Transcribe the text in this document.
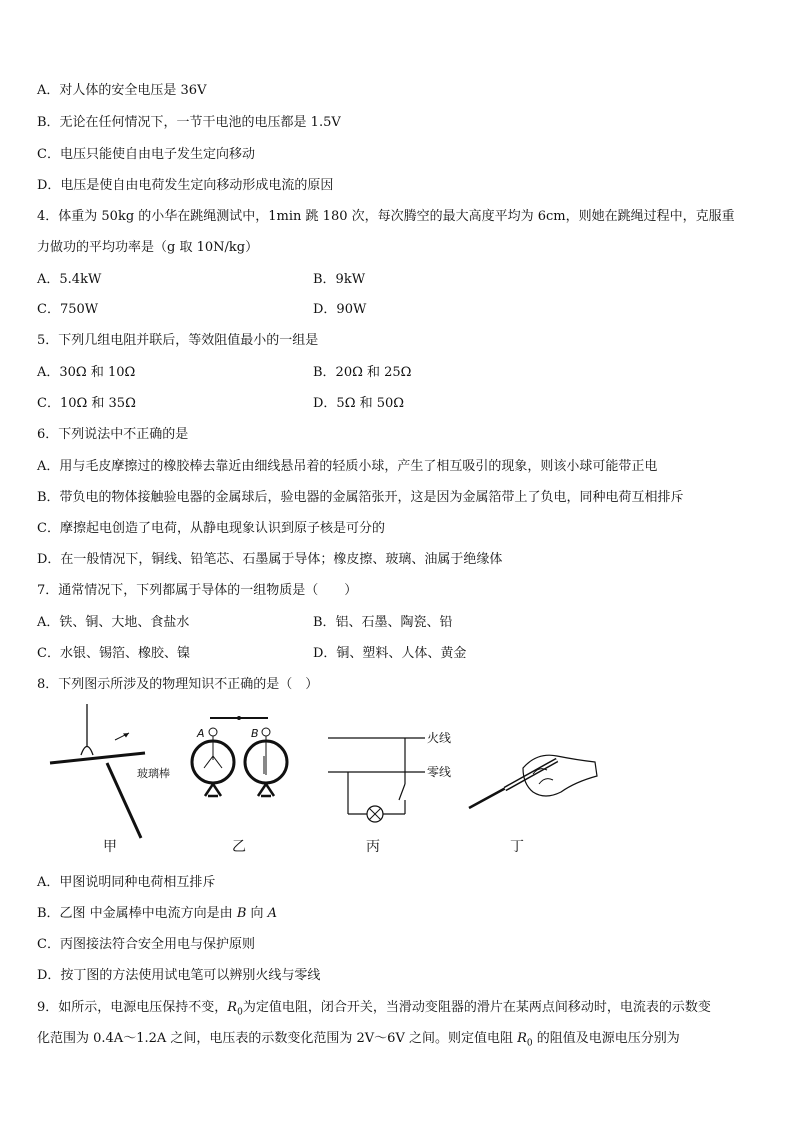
A．对人体的安全电压是 36V
B．无论在任何情况下，一节干电池的电压都是 1.5V
C．电压只能使自由电子发生定向移动
D．电压是使自由电荷发生定向移动形成电流的原因
4．体重为 50kg 的小华在跳绳测试中，1min 跳 180 次，每次腾空的最大高度平均为 6cm，则她在跳绳过程中，克服重
力做功的平均功率是（g 取 10N/kg）
A．5.4kW	B．9kW
C．750W	D．90W
5．下列几组电阻并联后，等效阻值最小的一组是
A．30Ω 和 10Ω	B．20Ω 和 25Ω
C．10Ω 和 35Ω	D．5Ω 和 50Ω
6．下列说法中不正确的是
A．用与毛皮摩擦过的橡胶棒去靠近由细线悬吊着的轻质小球，产生了相互吸引的现象，则该小球可能带正电
B．带负电的物体接触验电器的金属球后，验电器的金属箔张开，这是因为金属箔带上了负电，同种电荷互相排斥
C．摩擦起电创造了电荷，从静电现象认识到原子核是可分的
D．在一般情况下，铜线、铅笔芯、石墨属于导体；橡皮擦、玻璃、油属于绝缘体
7．通常情况下，下列都属于导体的一组物质是（　　）
A．铁、铜、大地、食盐水	B．铝、石墨、陶瓷、铅
C．水银、锡箔、橡胶、镍	D．铜、塑料、人体、黄金
8．下列图示所涉及的物理知识不正确的是（　）
玻璃棒
A	B	火线
零线
甲	乙	丙	丁
A．甲图说明同种电荷相互排斥
B．乙图 中金属棒中电流方向是由 B 向 A
C．丙图接法符合安全用电与保护原则
D．按丁图的方法使用试电笔可以辨别火线与零线
9．如所示，电源电压保持不变，$R_0$为定值电阻，闭合开关，当滑动变阻器的滑片在某两点间移动时，电流表的示数变
化范围为 0.4A～1.2A 之间，电压表的示数变化范围为 2V～6V 之间。则定值电阻 $R_0$ 的阻值及电源电压分别为
